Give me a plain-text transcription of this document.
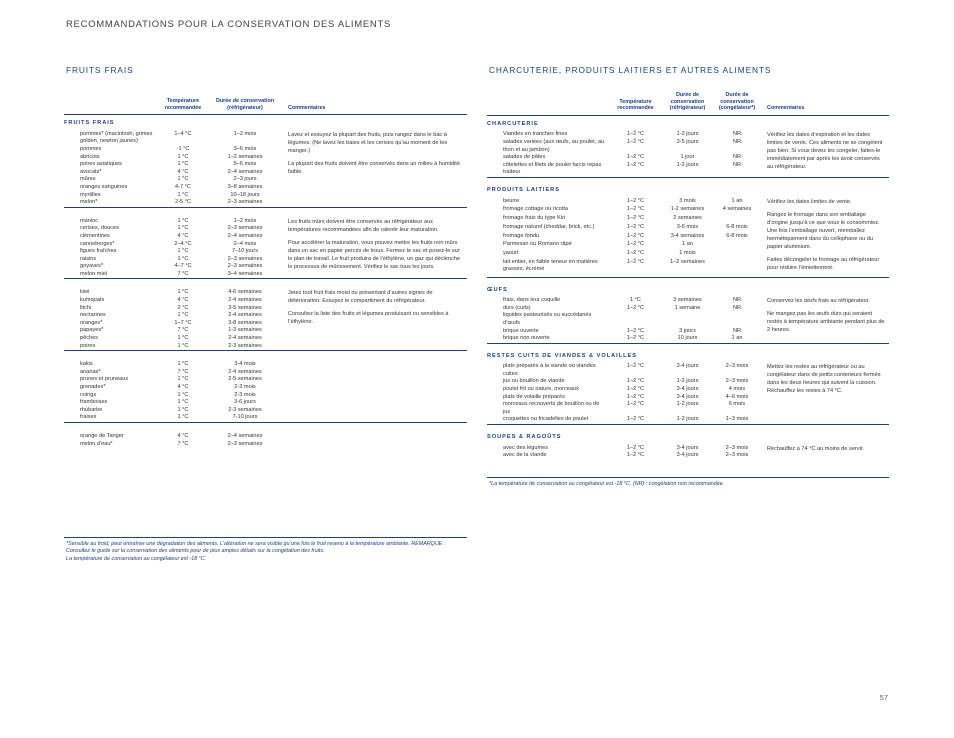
RECOMMANDATIONS POUR LA CONSERVATION DES ALIMENTS
FRUITS FRAIS
	Température recommandée	Durée de conservation (réfrigérateur)	Commentaires
FRUITS FRAIS			
pommes* (macintosh, grimes golden, newton jaunes)	1–4 °C	1–2 mois	Lavez et essuyez la plupart des fruits, puis rangez dans le bac à légumes. (Ne lavez les baies et les cerises qu’au moment de les manger.)

La plupart des fruits doivent être conservés dans un milieu à humidité faible.

pommes	-1 °C	3–6 mois	
abricots	1 °C	1–2 semaines	
poires asiatiques	1 °C	5–6 mois	
avocats*	4 °C	2–4 semaines	
mûres	1 °C	2–3 jours	
oranges sanguines	4-7 °C	3–8 semaines	
myrtilles	1 °C	10–18 jours	
melon*	2-5 °C	2–3 semaines	

manioc	1 °C	1–2 mois	Les fruits mûrs doivent être conservés au réfrigérateur aux températures recommandées afin de ralentir leur maturation.

Pour accélérer la maturation, vous pouvez mettre les fruits non mûrs dans un sac en papier percés de trous. Fermez le sac et posez-le sur le plan de travail. Le fruit produira de l’éthylène, un gaz qui déclenche le processus de mûrissement. Vérifiez le sac tous les jours.

cerises, douces	1 °C	2–3 semaines	
clémentines	4 °C	2–4 semaines	
canneberges*	2–4 °C	2–4 mois	
figues fraîches	1 °C	7–10 jours	
raisins	1 °C	2–3 semaines	
goyaves*	4–7 °C	2–3 semaines	
melon miel	7 °C	3–4 semaines	

kiwi	1 °C	4-6 semaines	Jetez tout fruit frais moisi ou présentant d’autres signes de détérioration. Essuyez le compartiment du réfrigérateur.

Consultez la liste des fruits et légumes produisant ou sensibles à l’éthylène.

kumquats	4 °C	2-4 semaines	
litchi	2 °C	3-5 semaines	
nectarines	1 °C	2-4 semaines	
oranges*	1–7 °C	3-8 semaines	
papayes*	7 °C	1-3 semaines	
pêches	1 °C	2-4 semaines	
poires	1 °C	2-3 semaines	

kakis	1 °C	3-4 mois	
ananas*	7 °C	2-4 semaines	
prunes et pruneaux	1 °C	2-5 semaines	
grenades*	4 °C	2-3 mois	
coings	1 °C	2-3 mois	
framboises	1 °C	3-6 jours	
rhubarbe	1 °C	2-3 semaines	
fraises	1 °C	7-10 jours	

orange de Tanger	4 °C	2–4 semaines	
melon d’eau*	7 °C	2–3 semaines	
*Sensible au froid, peut entraîner une dégradation des aliments. L’altération ne sera visible qu’une fois le fruit revenu à la température ambiante. REMARQUE : Consultez le guide sur la conservation des aliments pour de plus amples détails sur la congélation des fruits.
La température de conservation au congélateur est -18 °C.
CHARCUTERIE, PRODUITS LAITIERS ET AUTRES ALIMENTS
	Température recommandée	Durée de conservation (réfrigérateur)	Durée de conservation (congélateur*)	Commentaires
CHARCUTERIE				
Viandes en tranches fines	1–2 °C	1-2 jours	NR	Vérifiez les dates d’expiration et les dates limites de vente. Ces aliments ne se congèlent pas bien. Si vous devez les congeler, faites-le immédiatement par après les avoir conservés au réfrigérateur.

salades variées (aux œufs, au poulet, au thon et au jambon)	1–2 °C	3-5 jours	NR	
salades de pâtes	1–2 °C	1 jour	NR	
côtelettes et filets de poulet farcis repas traiteur	1–2 °C	1-2 jours	NR	

PRODUITS LAITIERS				
beurre	1–2 °C	3 mois	1 an	Vérifiez les dates limites de vente.

Rangez le fromage dans son emballage d’origine jusqu’à ce que vous le consommiez. Une fois l’emballage ouvert, réemballez hermétiquement dans du cellophane ou du papier aluminium.

Faites décongeler le fromage au réfrigérateur pour réduire l’émiettement.

fromage cottage ou ricotta	1–2 °C	1-2 semaines	4 semaines	
fromage frais du type Kiri	1–2 °C	2 semaines		
fromage naturel (cheddar, brick, etc.)	1–2 °C	3-6 mois	6-8 mois	
fromage fondu	1–2 °C	3-4 semaines	6-8 mois	
Parmesan ou Romano râpé	1–2 °C	1 an		
yaourt	1–2 °C	1 mois		
lait entier, en faible teneur en matières grasses, écrémé	1–2 °C	1–2 semaines		

ŒUFS				
frais, dans leur coquille	1 °C	3 semaines	NR	Conservez les œufs frais au réfrigérateur.

Ne mangez pas les œufs durs qui seraient restés à température ambiante pendant plus de 2 heures.

durs (cuits)	1–2 °C	1 semaine	NR	
liquides pasteurisés ou succédanés d’œufs				
brique ouverte	1–2 °C	3 jours	NR	
brique non ouverte	1–2 °C	10 jours	1 an	

RESTES CUITS DE VIANDES & VOLAILLES				
plats préparés à la viande ou viandes cuites	1–2 °C	3-4 jours	2–3 mois	Mettez les restes au réfrigérateur ou au congélateur dans de petits conteneurs fermés dans les deux heures qui suivent la cuisson. Réchauffez les restes à 74 °C.

jus ou bouillon de viande	1–2 °C	1-2 jours	2–3 mois	
poulet frit ou nature, morceaux	1–2 °C	3-4 jours	4 mois	
plats de volaille préparés	1–2 °C	3-4 jours	4–6 mois	
morceaux recouverts de bouillon ou de jus	1–2 °C	1-2 jours	6 mois	
croquettes ou fricadelles de poulet	1–2 °C	1-2 jours	1–3 mois	

SOUPES & RAGOÛTS				
avec des légumes	1–2 °C	3-4 jours	2–3 mois	Réchauffez à 74 °C au moins de servir.

avec de la viande	1–2 °C	3-4 jours	2–3 mois	
*La température de conservation au congélateur est -18 °C. (NR) : congélation non recommandée.
57
